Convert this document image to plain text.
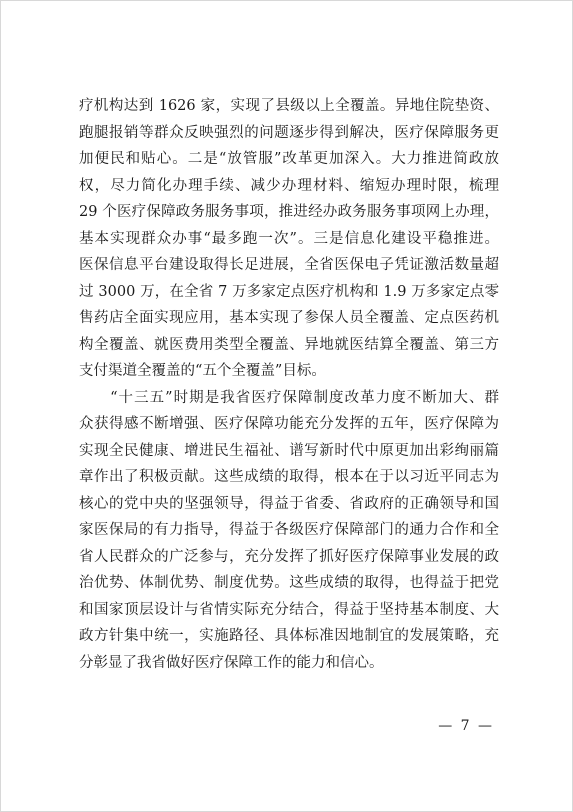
疗机构达到 1626 家，实现了县级以上全覆盖。异地住院垫资、
跑腿报销等群众反映强烈的问题逐步得到解决，医疗保障服务更
加便民和贴心。二是“放管服”改革更加深入。大力推进简政放
权，尽力简化办理手续、减少办理材料、缩短办理时限，梳理
29 个医疗保障政务服务事项，推进经办政务服务事项网上办理，
基本实现群众办事“最多跑一次”。三是信息化建设平稳推进。
医保信息平台建设取得长足进展，全省医保电子凭证激活数量超
过 3000 万，在全省 7 万多家定点医疗机构和 1.9 万多家定点零
售药店全面实现应用，基本实现了参保人员全覆盖、定点医药机
构全覆盖、就医费用类型全覆盖、异地就医结算全覆盖、第三方
支付渠道全覆盖的“五个全覆盖”目标。
　　“十三五”时期是我省医疗保障制度改革力度不断加大、群
众获得感不断增强、医疗保障功能充分发挥的五年，医疗保障为
实现全民健康、增进民生福祉、谱写新时代中原更加出彩绚丽篇
章作出了积极贡献。这些成绩的取得，根本在于以习近平同志为
核心的党中央的坚强领导，得益于省委、省政府的正确领导和国
家医保局的有力指导，得益于各级医疗保障部门的通力合作和全
省人民群众的广泛参与，充分发挥了抓好医疗保障事业发展的政
治优势、体制优势、制度优势。这些成绩的取得，也得益于把党
和国家顶层设计与省情实际充分结合，得益于坚持基本制度、大
政方针集中统一，实施路径、具体标准因地制宜的发展策略，充
分彰显了我省做好医疗保障工作的能力和信心。
— 7 —
